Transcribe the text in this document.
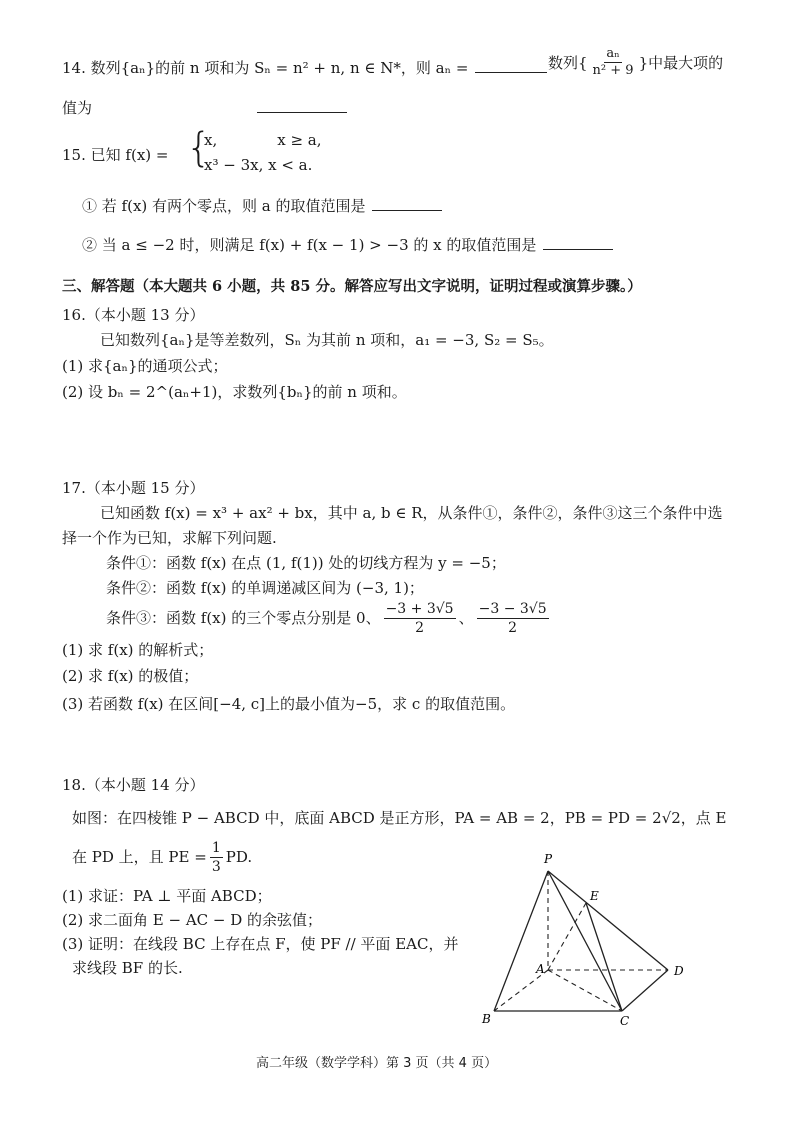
14. 数列{aₙ}的前 n 项和为 Sₙ = n² + n, n ∈ N*，则 aₙ =	数列{ $\frac{\text{aₙ}}{\text{n² + 9}}$ }中最大项的
值为
15. 已知 f(x) = {
x,　　　　x ≥ a,
x³ − 3x, x < a.
① 若 f(x) 有两个零点，则 a 的取值范围是
② 当 a ≤ −2 时，则满足 f(x) + f(x − 1) > −3 的 x 的取值范围是
三、解答题（本大题共 6 小题，共 85 分。解答应写出文字说明，证明过程或演算步骤。）
16.（本小题 13 分）
已知数列{aₙ}是等差数列，Sₙ 为其前 n 项和，a₁ = −3, S₂ = S₅。
(1) 求{aₙ}的通项公式；
(2) 设 bₙ = 2^(aₙ+1)，求数列{bₙ}的前 n 项和。
17.（本小题 15 分）
已知函数 f(x) = x³ + ax² + bx，其中 a, b ∈ R，从条件①，条件②，条件③这三个条件中选
择一个作为已知，求解下列问题.
条件①：函数 f(x) 在点 (1, f(1)) 处的切线方程为 y = −5；
条件②：函数 f(x) 的单调递减区间为 (−3, 1)；
条件③：函数 f(x) 的三个零点分别是 0、 $\frac{-3 + 3√5}{2}$ 、 $\frac{-3 - 3√5}{2}$
(1) 求 f(x) 的解析式；
(2) 求 f(x) 的极值；
(3) 若函数 f(x) 在区间[−4, c]上的最小值为−5，求 c 的取值范围。
18.（本小题 14 分）
如图：在四棱锥 P − ABCD 中，底面 ABCD 是正方形，PA = AB = 2，PB = PD = 2√2，点 E
在 PD 上，且 PE = $\frac{1}{3}$ PD.
(1) 求证：PA ⊥ 平面 ABCD；
(2) 求二面角 E − AC − D 的余弦值；
(3) 证明：在线段 BC 上存在点 F，使 PF // 平面 EAC，并
求线段 BF 的长.
P
E
A	D
B	C
高二年级（数学学科）第 3 页（共 4 页）
